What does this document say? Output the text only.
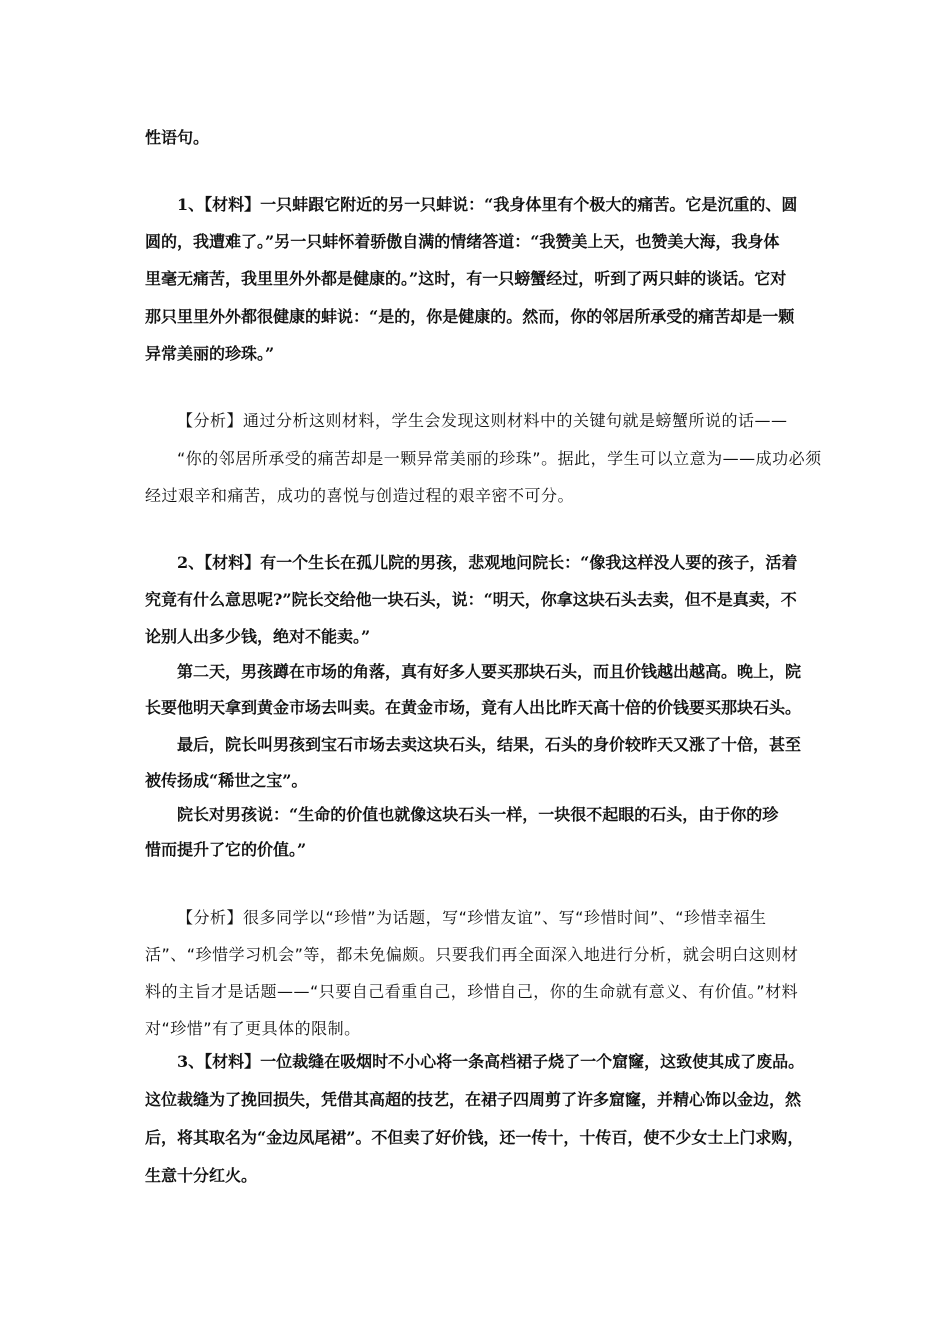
性语句。
1、【材料】一只蚌跟它附近的另一只蚌说：“我身体里有个极大的痛苦。它是沉重的、圆
圆的，我遭难了。”另一只蚌怀着骄傲自满的情绪答道：“我赞美上天，也赞美大海，我身体
里毫无痛苦，我里里外外都是健康的。”这时，有一只螃蟹经过，听到了两只蚌的谈话。它对
那只里里外外都很健康的蚌说：“是的，你是健康的。然而，你的邻居所承受的痛苦却是一颗
异常美丽的珍珠。”
【分析】通过分析这则材料，学生会发现这则材料中的关键句就是螃蟹所说的话——
“你的邻居所承受的痛苦却是一颗异常美丽的珍珠”。据此，学生可以立意为——成功必须
经过艰辛和痛苦，成功的喜悦与创造过程的艰辛密不可分。
2、【材料】有一个生长在孤儿院的男孩，悲观地问院长：“像我这样没人要的孩子，活着
究竟有什么意思呢?”院长交给他一块石头，说：“明天，你拿这块石头去卖，但不是真卖，不
论别人出多少钱，绝对不能卖。”
第二天，男孩蹲在市场的角落，真有好多人要买那块石头，而且价钱越出越高。晚上，院
长要他明天拿到黄金市场去叫卖。在黄金市场，竟有人出比昨天高十倍的价钱要买那块石头。
最后，院长叫男孩到宝石市场去卖这块石头，结果，石头的身价较昨天又涨了十倍，甚至
被传扬成“稀世之宝”。
院长对男孩说：“生命的价值也就像这块石头一样，一块很不起眼的石头，由于你的珍
惜而提升了它的价值。”
【分析】很多同学以“珍惜”为话题，写“珍惜友谊”、写“珍惜时间”、“珍惜幸福生
活”、“珍惜学习机会”等，都未免偏颇。只要我们再全面深入地进行分析，就会明白这则材
料的主旨才是话题——“只要自己看重自己，珍惜自己，你的生命就有意义、有价值。”材料
对“珍惜”有了更具体的限制。
3、【材料】一位裁缝在吸烟时不小心将一条高档裙子烧了一个窟窿，这致使其成了废品。
这位裁缝为了挽回损失，凭借其高超的技艺，在裙子四周剪了许多窟窿，并精心饰以金边，然
后，将其取名为“金边凤尾裙”。不但卖了好价钱，还一传十，十传百，使不少女士上门求购，
生意十分红火。
